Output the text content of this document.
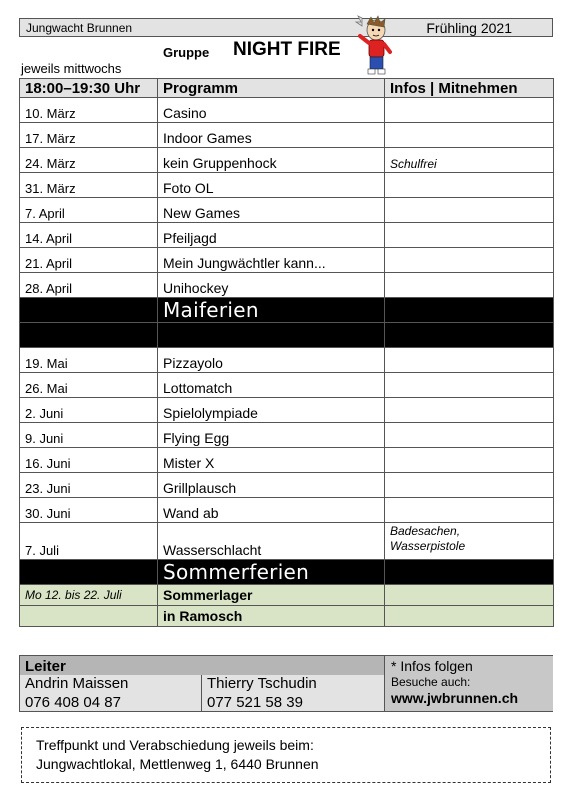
Jungwacht Brunnen	Frühling 2021
Gruppe NIGHT FIRE
jeweils mittwochs
18:00–19:30 Uhr	Programm	Infos | Mitnehmen
10. März	Casino	
17. März	Indoor Games	
24. März	kein Gruppenhock	Schulfrei
31. März	Foto OL	
7. April	New Games	
14. April	Pfeiljagd	
21. April	Mein Jungwächtler kann...	
28. April	Unihockey	
	Maiferien	

19. Mai	Pizzayolo	
26. Mai	Lottomatch	
2. Juni	Spielolympiade	
9. Juni	Flying Egg	
16. Juni	Mister X	
23. Juni	Grillplausch	
30. Juni	Wand ab	
7. Juli	Wasserschlacht	Badesachen,
Wasserpistole

	Sommerferien	
Mo 12. bis 22. Juli	Sommerlager	
	in Ramosch	
Leiter
Andrin Maissen
076 408 04 87
Thierry Tschudin
077 521 58 39
* Infos folgen
Besuche auch:
www.jwbrunnen.ch
Treffpunkt und Verabschiedung jeweils beim:
Jungwachtlokal, Mettlenweg 1, 6440 Brunnen
